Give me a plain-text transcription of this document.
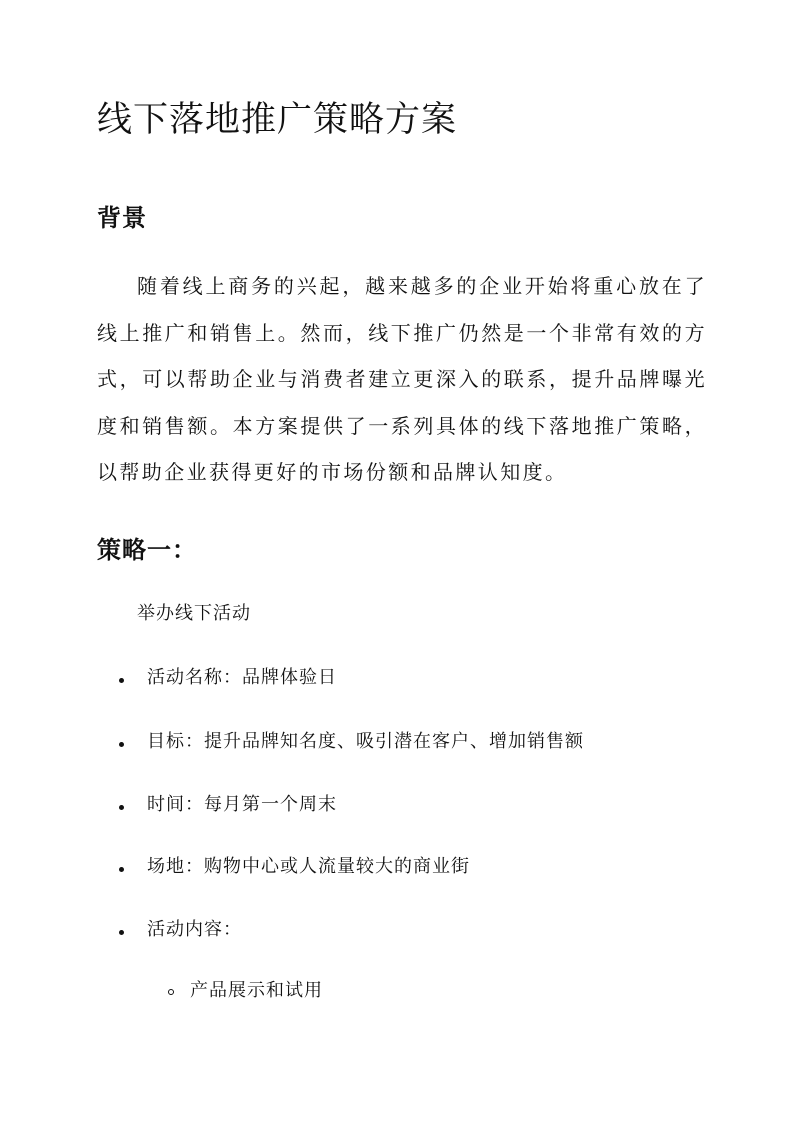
线下落地推广策略方案
背景

随着线上商务的兴起，越来越多的企业开始将重心放在了线上推广和销售上。然而，线下推广仍然是一个非常有效的方式，可以帮助企业与消费者建立更深入的联系，提升品牌曝光度和销售额。本方案提供了一系列具体的线下落地推广策略，以帮助企业获得更好的市场份额和品牌认知度。

策略一：

举办线下活动

活动名称：品牌体验日

目标：提升品牌知名度、吸引潜在客户、增加销售额

时间：每月第一个周末

场地：购物中心或人流量较大的商业街

活动内容：

产品展示和试用
